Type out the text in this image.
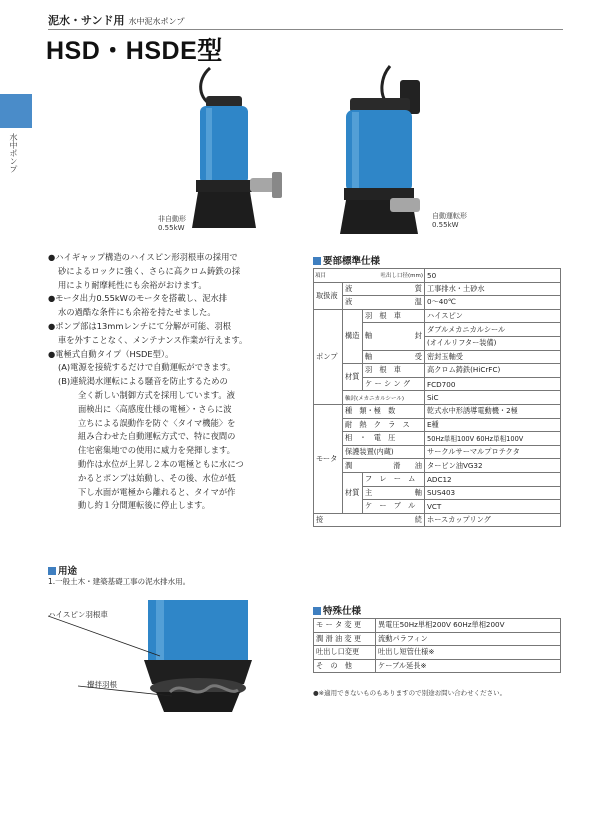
泥水・サンド用 水中泥水ポンプ
HSD・HSDE型
水中ポンプ
非自動形
0.55kW
自動運転形
0.55kW

●ハイギャップ構造のハイスピン形羽根車の採用で

砂によるロックに強く、さらに高クロム鋳鉄の採

用により耐摩耗性にも余裕がおけます。

●モータ出力0.55kWのモータを搭載し、泥水排

水の過酷な条件にも余裕を持たせました。

●ポンプ部は13mmレンチにて分解が可能、羽根

車を外すことなく、メンテナンス作業が行えます。

●電極式自動タイプ（HSDE型）。

(A)電源を接続するだけで自動運転ができます。

(B)連続渇水運転による騒音を防止するための

全く新しい制御方式を採用しています。液

面検出に〈高感度仕様の電極〉・さらに波

立ちによる誤動作を防ぐ〈タイマ機能〉を

組み合わせた自動運転方式で、特に夜間の

住宅密集地での使用に威力を発揮します。

動作は水位が上昇し２本の電極ともに水につ

かるとポンプは始動し、その後、水位が低

下し水面が電極から離れると、タイマが作

動し約１分間運転後に停止します。

用途
1.一般土木・建築基礎工事の泥水排水用。
ハイスピン羽根車
攪拌羽根
要部標準仕様
項目 吐出し口径(mm)			50
取扱液	液 質		工事排水・土砂水
	液 温		0〜40℃
ポンプ	構造	羽　根　車	ハイスピン
		軸 封	ダブルメカニカルシール
			(オイルリフター装備)
		軸 受	密封玉軸受
	材質	羽　根　車	高クロム鋳鉄(HiCrFC)
		ケ ー シ ン グ	FCD700
	軸封(メカニカルシール)		SiC
モータ	種　類・極　数		乾式水中形誘導電動機・2極
	耐　熱　ク　ラ　ス		E種
	相　・　電　圧		50Hz単相100V 60Hz単相100V
	保護装置(内蔵)		サークルサーマルプロテクタ
	潤 滑　　油		タービン油VG32
	材質	フ　レ　ー　ム	ADC12
		主 軸	SUS403
		ケ　ー　ブ　ル	VCT
接 続			ホースカップリング
特殊仕様
モ ー タ 変 更	異電圧50Hz単相200V 60Hz単相200V
潤 滑 油 変 更	流動パラフィン
吐出し口変更	吐出し短管仕様※
そ　の　他	ケーブル延長※
●※適用できないものもありますので別途お問い合わせください。
